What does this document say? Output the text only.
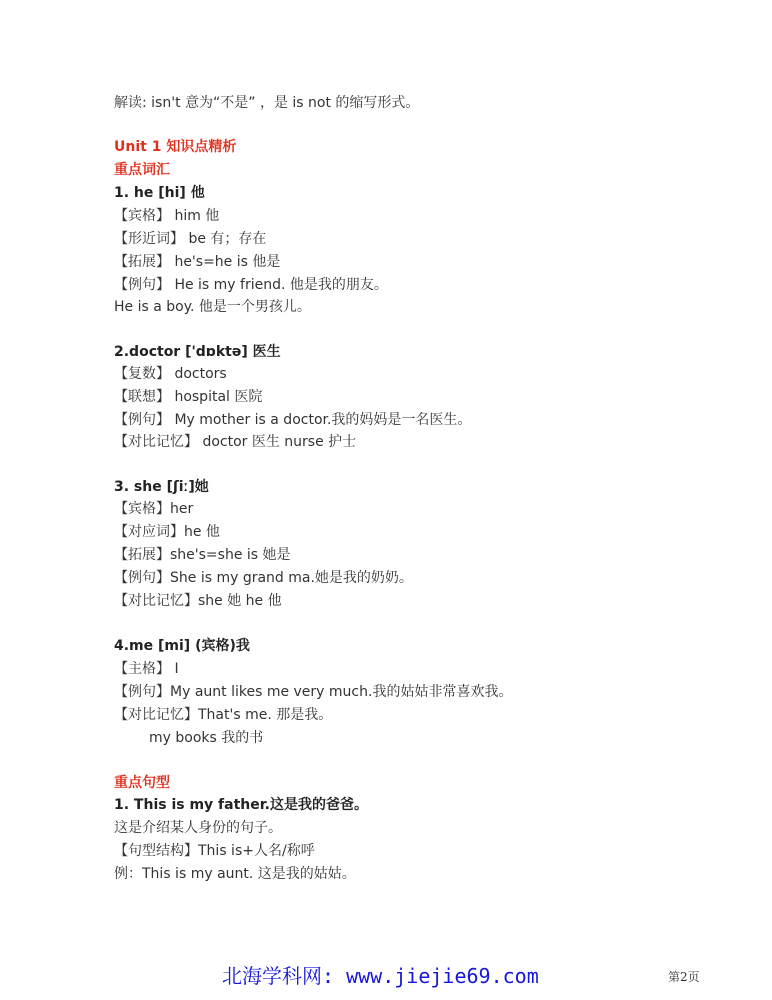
解读: isn't 意为“不是” ，是 is not 的缩写形式。
Unit 1 知识点精析
重点词汇
1. he [hi] 他
【宾格】 him 他
【形近词】 be 有；存在
【拓展】 he's=he is 他是
【例句】 He is my friend. 他是我的朋友。
He is a boy. 他是一个男孩儿。
2.doctor ['dɒktə] 医生
【复数】 doctors
【联想】 hospital 医院
【例句】 My mother is a doctor.我的妈妈是一名医生。
【对比记忆】 doctor 医生 nurse 护士
3. she [ʃiː]她
【宾格】her
【对应词】he 他
【拓展】she's=she is 她是
【例句】She is my grand ma.她是我的奶奶。
【对比记忆】she 她 he 他
4.me [mi] (宾格)我
【主格】 I
【例句】My aunt likes me very much.我的姑姑非常喜欢我。
【对比记忆】That's me. 那是我。
my books 我的书
重点句型
1. This is my father.这是我的爸爸。
这是介绍某人身份的句子。
【句型结构】This is+人名/称呼
例：This is my aunt. 这是我的姑姑。
北海学科网: www.jiejie69.com	第2页
